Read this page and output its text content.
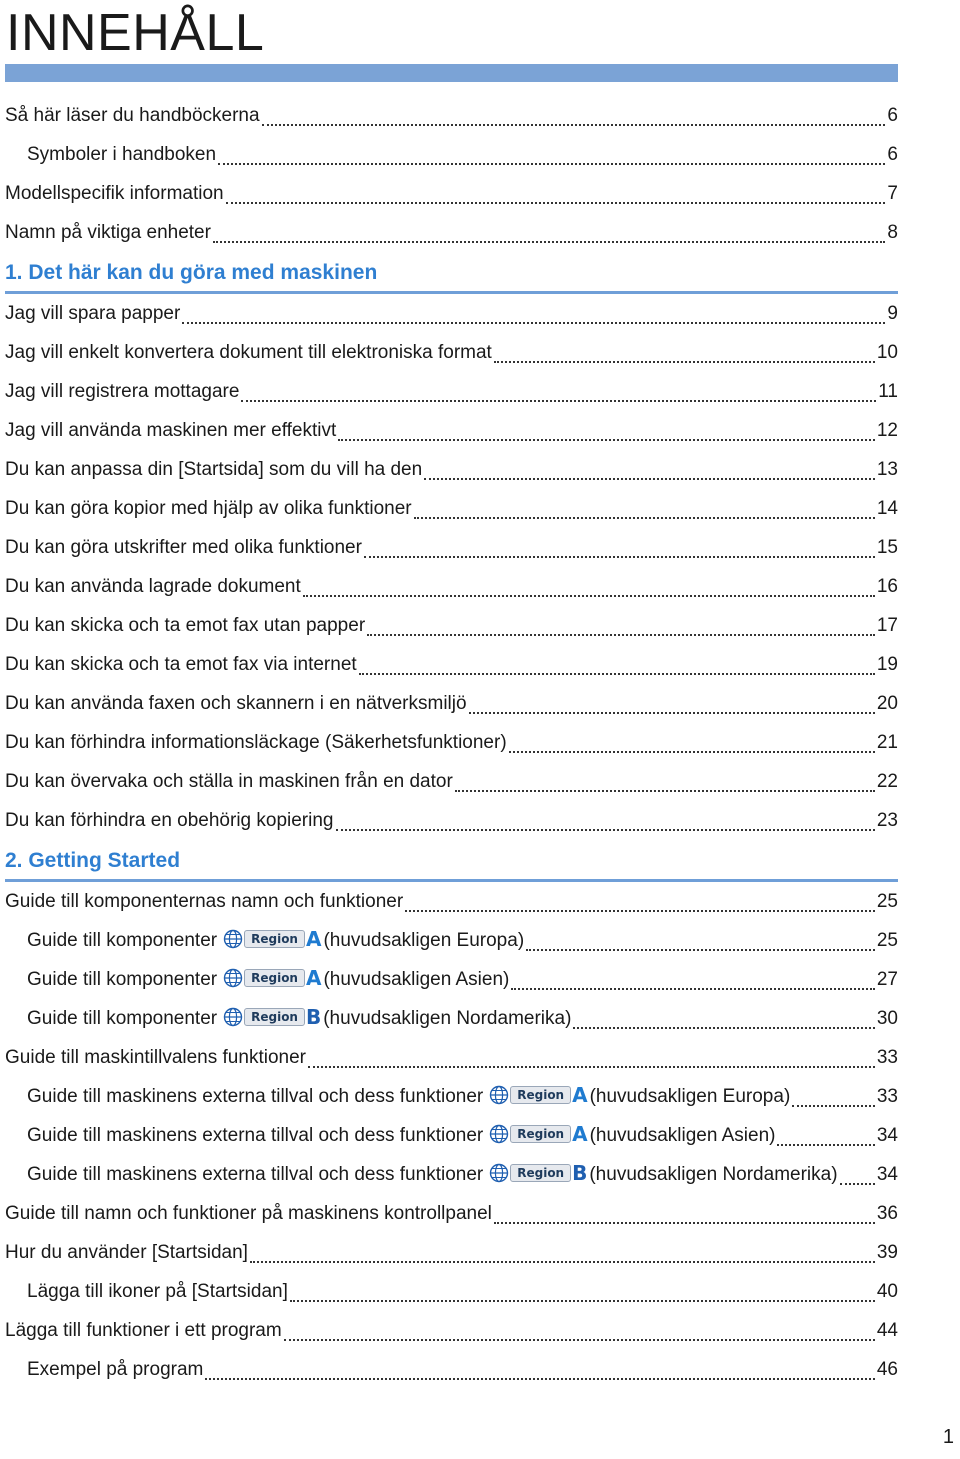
INNEHÅLL
Så här läser du handböckerna	6
Symboler i handboken	6
Modellspecifik information	7
Namn på viktiga enheter	8
1. Det här kan du göra med maskinen
Jag vill spara papper	9
Jag vill enkelt konvertera dokument till elektroniska format	10
Jag vill registrera mottagare	11
Jag vill använda maskinen mer effektivt	12
Du kan anpassa din [Startsida] som du vill ha den	13
Du kan göra kopior med hjälp av olika funktioner	14
Du kan göra utskrifter med olika funktioner	15
Du kan använda lagrade dokument	16
Du kan skicka och ta emot fax utan papper	17
Du kan skicka och ta emot fax via internet	19
Du kan använda faxen och skannern i en nätverksmiljö	20
Du kan förhindra informationsläckage (Säkerhetsfunktioner)	21
Du kan övervaka och ställa in maskinen från en dator	22
Du kan förhindra en obehörig kopiering	23
2. Getting Started
Guide till komponenternas namn och funktioner	25
Guide till komponenter	Region A (huvudsakligen Europa)	25
Guide till komponenter	Region A (huvudsakligen Asien)	27
Guide till komponenter	Region B (huvudsakligen Nordamerika)	30
Guide till maskintillvalens funktioner	33
Guide till maskinens externa tillval och dess funktioner	Region A (huvudsakligen Europa)	33
Guide till maskinens externa tillval och dess funktioner	Region A (huvudsakligen Asien)	34
Guide till maskinens externa tillval och dess funktioner	Region B (huvudsakligen Nordamerika) 34
Guide till namn och funktioner på maskinens kontrollpanel	36
Hur du använder [Startsidan]	39
Lägga till ikoner på [Startsidan]	40
Lägga till funktioner i ett program	44
Exempel på program	46
1
